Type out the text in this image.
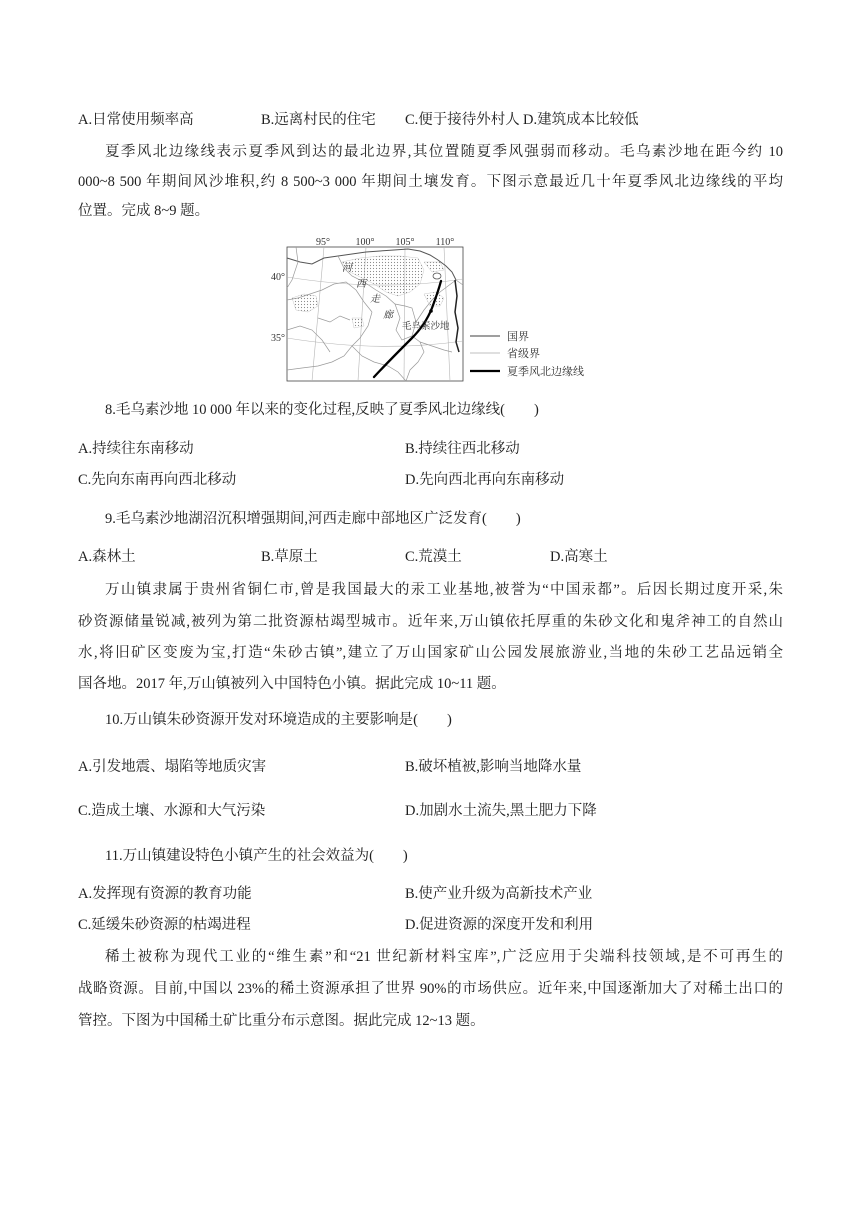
A.日常使用频率高	B.远离村民的住宅 C.便于接待外村人 D.建筑成本比较低
夏季风北边缘线表示夏季风到达的最北边界,其位置随夏季风强弱而移动。毛乌素沙地在距今约 10
000~8 500 年期间风沙堆积,约 8 500~3 000 年期间土壤发育。下图示意最近几十年夏季风北边缘线的平均
位置。完成 8~9 题。
95°	100° 105° 110°
40°
35°
河
西
走
廊
毛乌素沙地
国界
省级界
夏季风北边缘线
8.毛乌素沙地 10 000 年以来的变化过程,反映了夏季风北边缘线(　　)
A.持续往东南移动	B.持续往西北移动
C.先向东南再向西北移动	D.先向西北再向东南移动
9.毛乌素沙地湖沼沉积增强期间,河西走廊中部地区广泛发育(　　)
A.森林土	B.草原土	C.荒漠土	D.高寒土
万山镇隶属于贵州省铜仁市,曾是我国最大的汞工业基地,被誉为“中国汞都”。后因长期过度开采,朱
砂资源储量锐减,被列为第二批资源枯竭型城市。近年来,万山镇依托厚重的朱砂文化和鬼斧神工的自然山
水,将旧矿区变废为宝,打造“朱砂古镇”,建立了万山国家矿山公园发展旅游业,当地的朱砂工艺品远销全
国各地。2017 年,万山镇被列入中国特色小镇。据此完成 10~11 题。
10.万山镇朱砂资源开发对环境造成的主要影响是(　　)
A.引发地震、塌陷等地质灾害	B.破坏植被,影响当地降水量
C.造成土壤、水源和大气污染	D.加剧水土流失,黑土肥力下降
11.万山镇建设特色小镇产生的社会效益为(　　)
A.发挥现有资源的教育功能	B.使产业升级为高新技术产业
C.延缓朱砂资源的枯竭进程	D.促进资源的深度开发和利用
稀土被称为现代工业的“维生素”和“21 世纪新材料宝库”,广泛应用于尖端科技领域,是不可再生的
战略资源。目前,中国以 23%的稀土资源承担了世界 90%的市场供应。近年来,中国逐渐加大了对稀土出口的
管控。下图为中国稀土矿比重分布示意图。据此完成 12~13 题。
